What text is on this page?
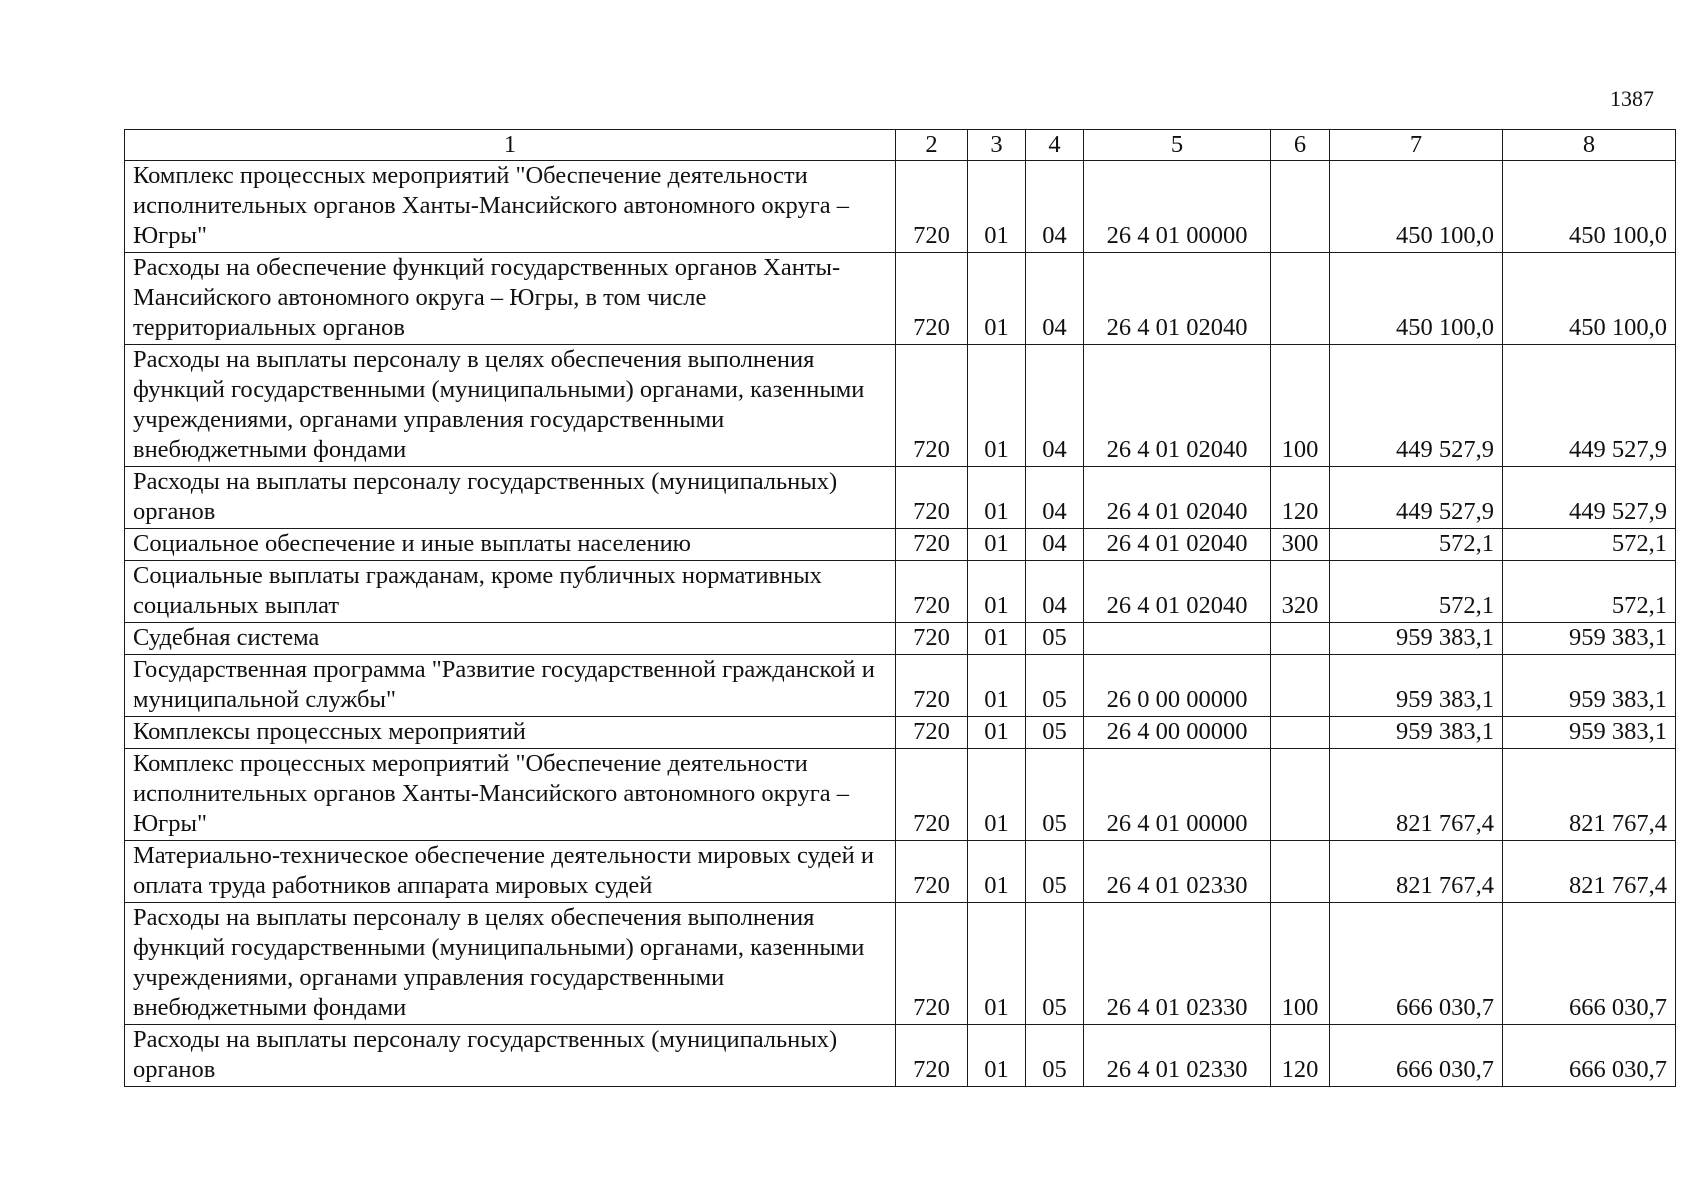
1387
1	2	3	4	5	6	7	8
Комплекс процессных мероприятий "Обеспечение деятельности исполнительных органов Ханты-Мансийского автономного округа – Югры"	720	01	04	26 4 01 00000		450 100,0	450 100,0
Расходы на обеспечение функций государственных органов Ханты-Мансийского автономного округа – Югры, в том числе территориальных органов	720	01	04	26 4 01 02040		450 100,0	450 100,0
Расходы на выплаты персоналу в целях обеспечения выполнения функций государственными (муниципальными) органами, казенными учреждениями, органами управления государственными внебюджетными фондами	720	01	04	26 4 01 02040	100	449 527,9	449 527,9
Расходы на выплаты персоналу государственных (муниципальных) органов	720	01	04	26 4 01 02040	120	449 527,9	449 527,9
Социальное обеспечение и иные выплаты населению	720	01	04	26 4 01 02040	300	572,1	572,1
Социальные выплаты гражданам, кроме публичных нормативных социальных выплат	720	01	04	26 4 01 02040	320	572,1	572,1
Судебная система	720	01	05			959 383,1	959 383,1
Государственная программа "Развитие государственной гражданской и муниципальной службы"	720	01	05	26 0 00 00000		959 383,1	959 383,1
Комплексы процессных мероприятий	720	01	05	26 4 00 00000		959 383,1	959 383,1
Комплекс процессных мероприятий "Обеспечение деятельности исполнительных органов Ханты-Мансийского автономного округа – Югры"	720	01	05	26 4 01 00000		821 767,4	821 767,4
Материально-техническое обеспечение деятельности мировых судей и оплата труда работников аппарата мировых судей	720	01	05	26 4 01 02330		821 767,4	821 767,4
Расходы на выплаты персоналу в целях обеспечения выполнения функций государственными (муниципальными) органами, казенными учреждениями, органами управления государственными внебюджетными фондами	720	01	05	26 4 01 02330	100	666 030,7	666 030,7
Расходы на выплаты персоналу государственных (муниципальных) органов	720	01	05	26 4 01 02330	120	666 030,7	666 030,7
